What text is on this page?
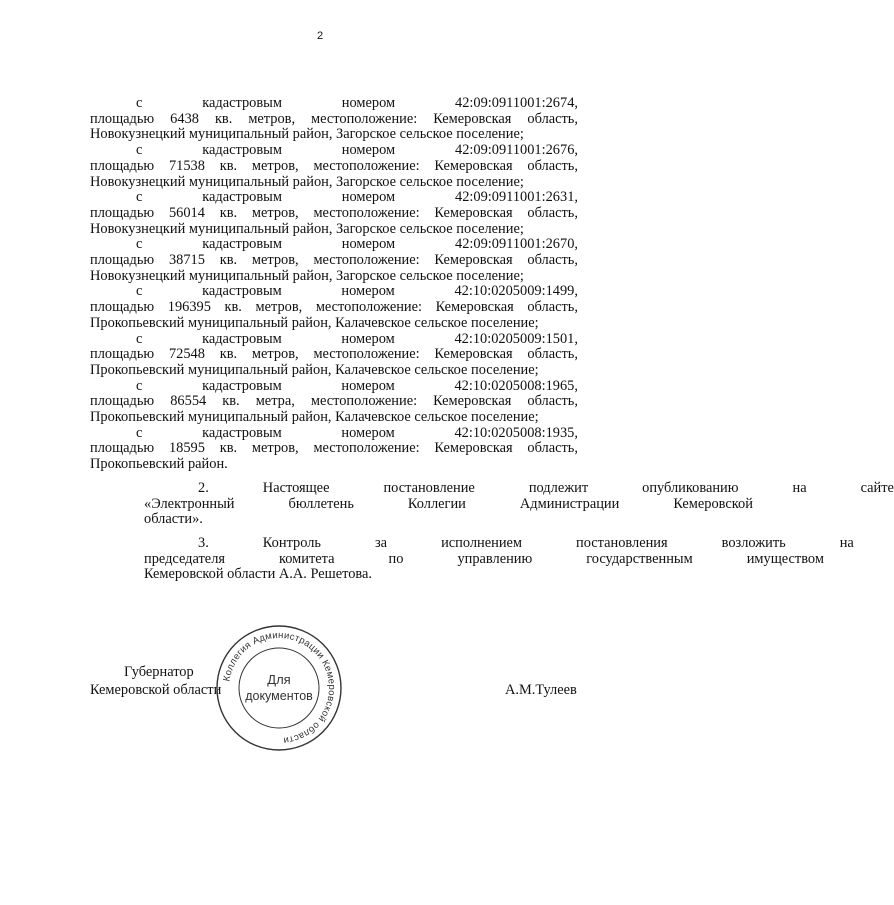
2
с	кадастровым	номером	42:09:0911001:2674,
площадью 6438 кв. метров, местоположение: Кемеровская область,
Новокузнецкий муниципальный район, Загорское сельское поселение;
с	кадастровым	номером	42:09:0911001:2676,
площадью 71538 кв. метров, местоположение: Кемеровская область,
Новокузнецкий муниципальный район, Загорское сельское поселение;
с	кадастровым	номером	42:09:0911001:2631,
площадью 56014 кв. метров, местоположение: Кемеровская область,
Новокузнецкий муниципальный район, Загорское сельское поселение;
с	кадастровым	номером	42:09:0911001:2670,
площадью 38715 кв. метров, местоположение: Кемеровская область,
Новокузнецкий муниципальный район, Загорское сельское поселение;
с	кадастровым	номером	42:10:0205009:1499,
площадью 196395 кв. метров, местоположение: Кемеровская область,
Прокопьевский муниципальный район, Калачевское сельское поселение;
с	кадастровым	номером	42:10:0205009:1501,
площадью 72548 кв. метров, местоположение: Кемеровская область,
Прокопьевский муниципальный район, Калачевское сельское поселение;
с	кадастровым	номером	42:10:0205008:1965,
площадью 86554 кв. метра, местоположение: Кемеровская область,
Прокопьевский муниципальный район, Калачевское сельское поселение;
с	кадастровым	номером	42:10:0205008:1935,
площадью 18595 кв. метров, местоположение: Кемеровская область,
Прокопьевский район.
2.	Настоящее	постановление	подлежит	опубликованию	на	сайте
«Электронный	бюллетень	Коллегии	Администрации	Кемеровской
области».
3.	Контроль	за	исполнением	постановления	возложить	на
председателя	комитета	по	управлению	государственным	имуществом
Кемеровской области А.А. Решетова.
Губернатор
Кемеровской области	А.М.Тулеев
Коллегия Администрации Кемеровской области
Для
документов
